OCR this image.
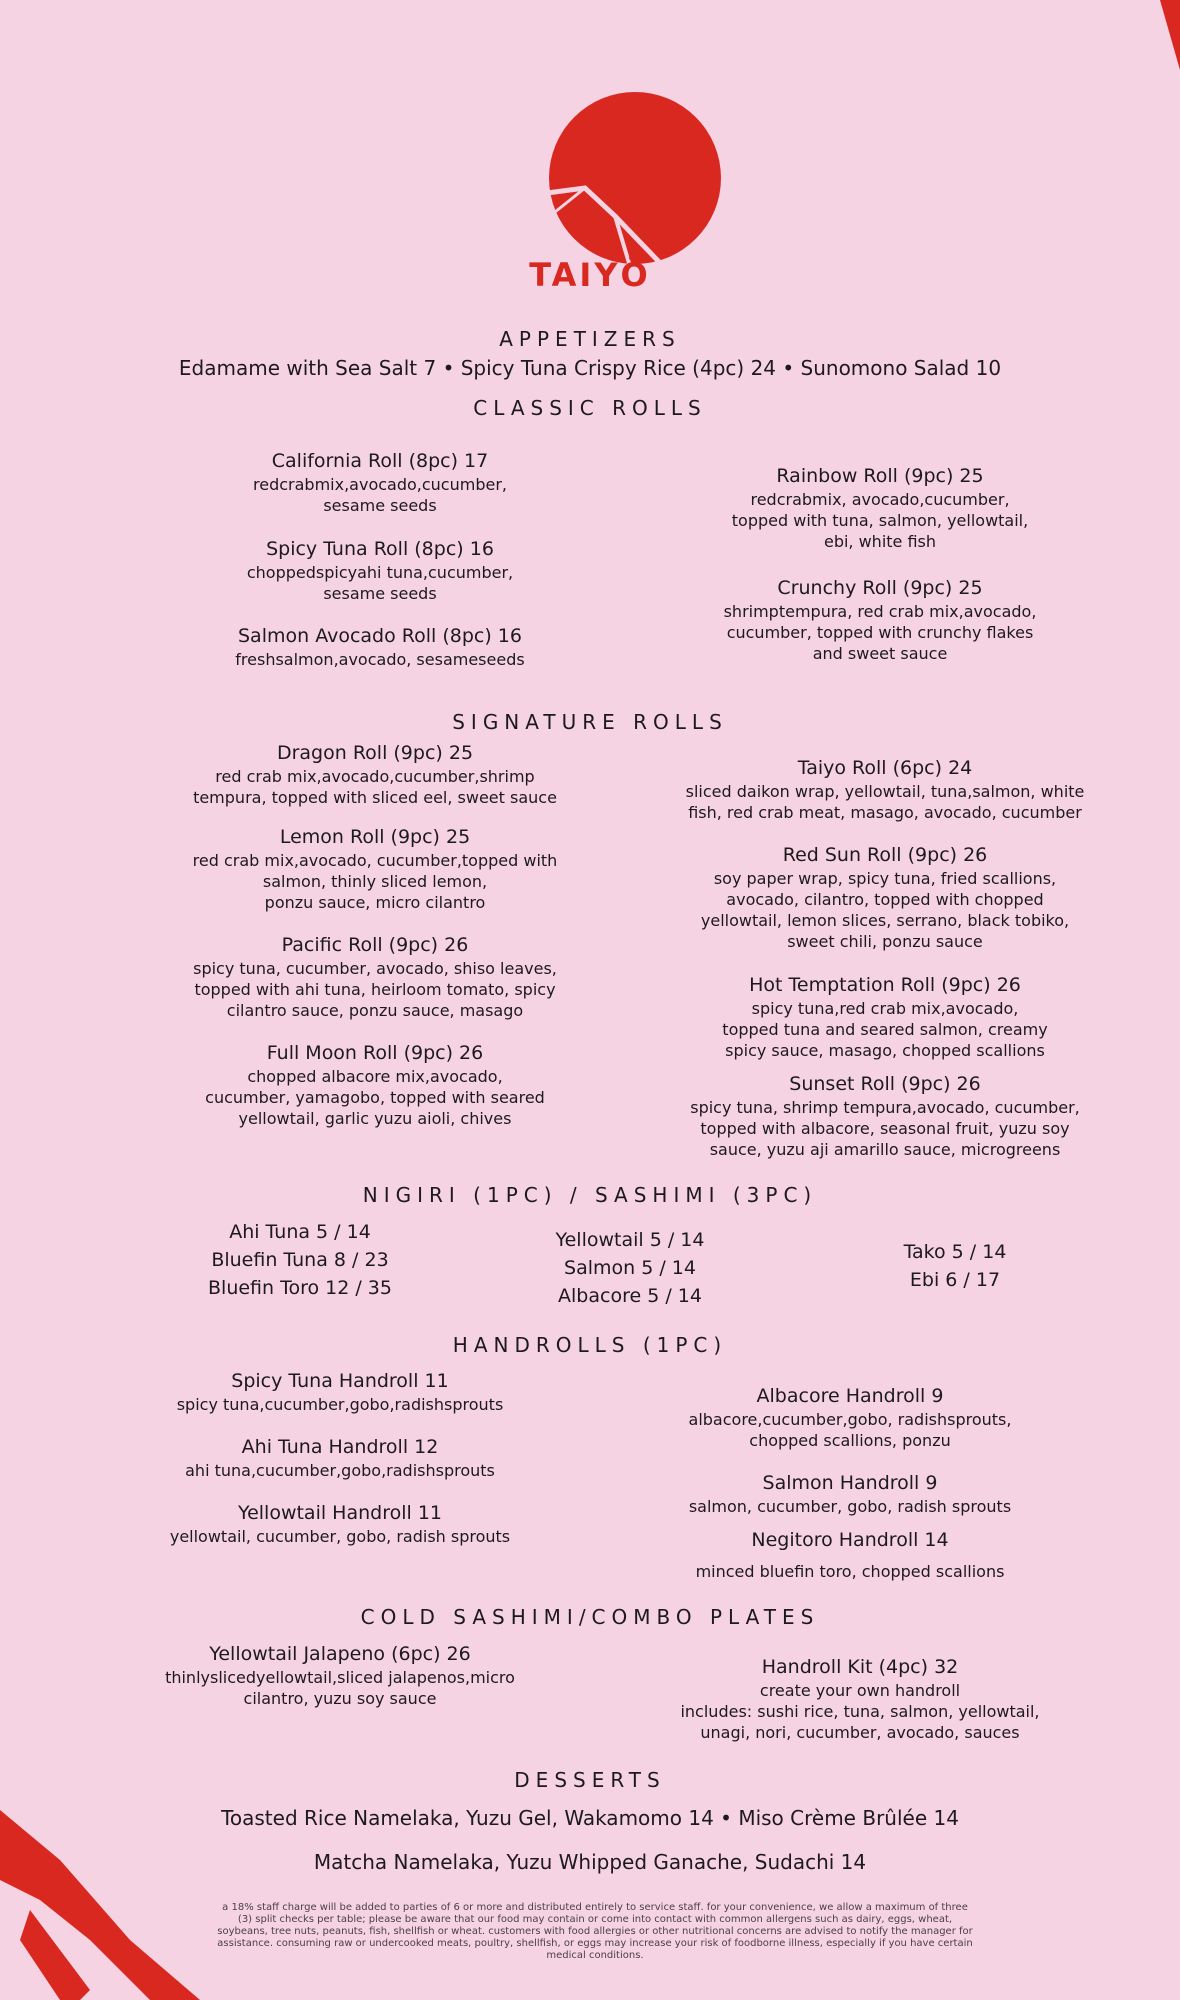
TAIYŌ
APPETIZERS
Edamame with Sea Salt 7 • Spicy Tuna Crispy Rice (4pc) 24 • Sunomono Salad 10
CLASSIC ROLLS
California Roll (8pc) 17
redcrabmix,avocado,cucumber,
sesame seeds
Spicy Tuna Roll (8pc) 16
choppedspicyahi tuna,cucumber,
sesame seeds
Salmon Avocado Roll (8pc) 16
freshsalmon,avocado, sesameseeds
Rainbow Roll (9pc) 25
redcrabmix, avocado,cucumber,
topped with tuna, salmon, yellowtail,
ebi, white fish
Crunchy Roll (9pc) 25
shrimptempura, red crab mix,avocado,
cucumber, topped with crunchy flakes
and sweet sauce
SIGNATURE ROLLS
Dragon Roll (9pc) 25
red crab mix,avocado,cucumber,shrimp
tempura, topped with sliced eel, sweet sauce
Lemon Roll (9pc) 25
red crab mix,avocado, cucumber,topped with
salmon, thinly sliced lemon,
ponzu sauce, micro cilantro
Pacific Roll (9pc) 26
spicy tuna, cucumber, avocado, shiso leaves,
topped with ahi tuna, heirloom tomato, spicy
cilantro sauce, ponzu sauce, masago
Full Moon Roll (9pc) 26
chopped albacore mix,avocado,
cucumber, yamagobo, topped with seared
yellowtail, garlic yuzu aioli, chives
Taiyo Roll (6pc) 24
sliced daikon wrap, yellowtail, tuna,salmon, white
fish, red crab meat, masago, avocado, cucumber
Red Sun Roll (9pc) 26
soy paper wrap, spicy tuna, fried scallions,
avocado, cilantro, topped with chopped
yellowtail, lemon slices, serrano, black tobiko,
sweet chili, ponzu sauce
Hot Temptation Roll (9pc) 26
spicy tuna,red crab mix,avocado,
topped tuna and seared salmon, creamy
spicy sauce, masago, chopped scallions
Sunset Roll (9pc) 26
spicy tuna, shrimp tempura,avocado, cucumber,
topped with albacore, seasonal fruit, yuzu soy
sauce, yuzu aji amarillo sauce, microgreens
NIGIRI (1PC) / SASHIMI (3PC)
Ahi Tuna 5 / 14
Bluefin Tuna 8 / 23
Bluefin Toro 12 / 35
Yellowtail 5 / 14
Salmon 5 / 14
Albacore 5 / 14
Tako 5 / 14
Ebi 6 / 17
HANDROLLS (1PC)
Spicy Tuna Handroll 11
spicy tuna,cucumber,gobo,radishsprouts
Ahi Tuna Handroll 12
ahi tuna,cucumber,gobo,radishsprouts
Yellowtail Handroll 11
yellowtail, cucumber, gobo, radish sprouts
Albacore Handroll 9
albacore,cucumber,gobo, radishsprouts,
chopped scallions, ponzu
Salmon Handroll 9
salmon, cucumber, gobo, radish sprouts
Negitoro Handroll 14
minced bluefin toro, chopped scallions
COLD SASHIMI/COMBO PLATES
Yellowtail Jalapeno (6pc) 26
thinlyslicedyellowtail,sliced jalapenos,micro
cilantro, yuzu soy sauce
Handroll Kit (4pc) 32
create your own handroll
includes: sushi rice, tuna, salmon, yellowtail,
unagi, nori, cucumber, avocado, sauces
DESSERTS
Toasted Rice Namelaka, Yuzu Gel, Wakamomo 14 • Miso Crème Brûlée 14
Matcha Namelaka, Yuzu Whipped Ganache, Sudachi 14
a 18% staff charge will be added to parties of 6 or more and distributed entirely to service staff. for your convenience, we allow a maximum of three (3) split checks per table; please be aware that our food may contain or come into contact with common allergens such as dairy, eggs, wheat, soybeans, tree nuts, peanuts, fish, shellfish or wheat. customers with food allergies or other nutritional concerns are advised to notify the manager for assistance. consuming raw or undercooked meats, poultry, shellfish, or eggs may increase your risk of foodborne illness, especially if you have certain medical conditions.
